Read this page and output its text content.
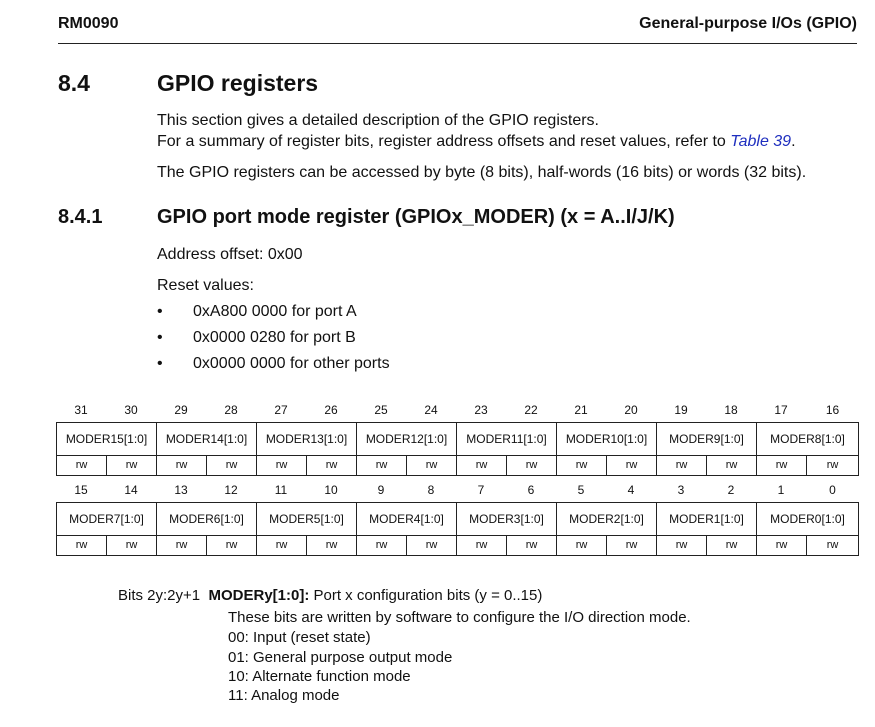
RM0090	General-purpose I/Os (GPIO)
8.4	GPIO registers
This section gives a detailed description of the GPIO registers.
For a summary of register bits, register address offsets and reset values, refer to Table 39.
The GPIO registers can be accessed by byte (8 bits), half-words (16 bits) or words (32 bits).
8.4.1	GPIO port mode register (GPIOx_MODER) (x = A..I/J/K)
Address offset: 0x00
Reset values:
• 0xA800 0000 for port A
• 0x0000 0280 for port B
• 0x0000 0000 for other ports
31	30	29	28	27	26	25	24	23	22	21	20	19	18	17	16
MODER15[1:0]	MODER14[1:0]	MODER13[1:0]	MODER12[1:0]	MODER11[1:0]	MODER10[1:0]	MODER9[1:0]	MODER8[1:0]
rw	rw	rw	rw	rw	rw	rw	rw	rw	rw	rw	rw	rw	rw	rw	rw
15	14	13	12	11	10	9	8	7	6	5	4	3	2	1	0
MODER7[1:0]	MODER6[1:0]	MODER5[1:0]	MODER4[1:0]	MODER3[1:0]	MODER2[1:0]	MODER1[1:0]	MODER0[1:0]
rw	rw	rw	rw	rw	rw	rw	rw	rw	rw	rw	rw	rw	rw	rw	rw
Bits 2y:2y+1 MODERy[1:0]: Port x configuration bits (y = 0..15)
These bits are written by software to configure the I/O direction mode.
00: Input (reset state)
01: General purpose output mode
10: Alternate function mode
11: Analog mode
